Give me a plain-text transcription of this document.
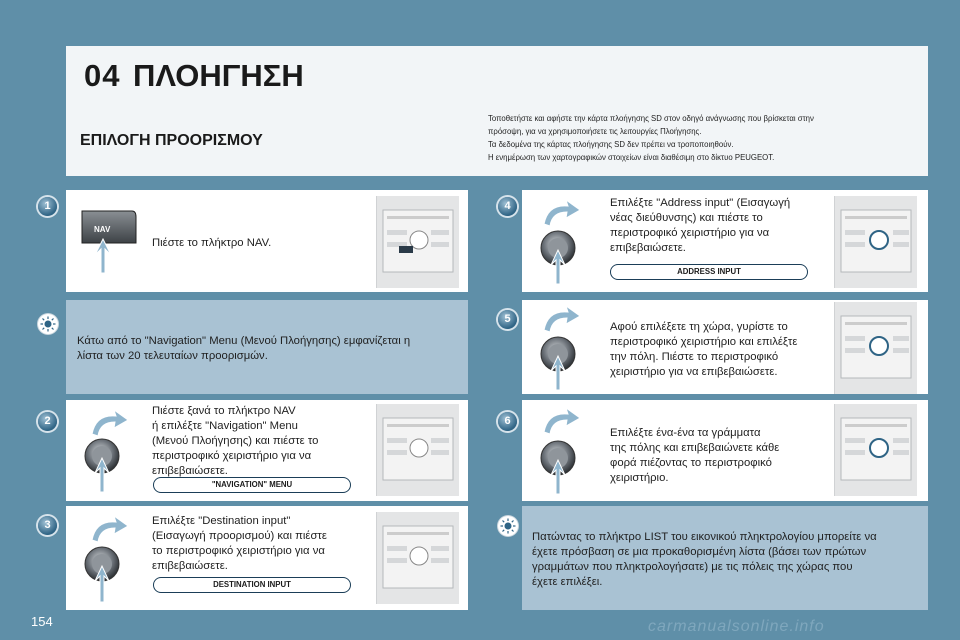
04 ΠΛΟΗΓΗΣΗ
ΕΠΙΛΟΓΗ ΠΡΟΟΡΙΣΜΟΥ
Τοποθετήστε και αφήστε την κάρτα πλοήγησης SD στον οδηγό ανάγνωσης που βρίσκεται στην
πρόσοψη, για να χρησιμοποιήσετε τις λειτουργίες Πλοήγησης.
Τα δεδομένα της κάρτας πλοήγησης SD δεν πρέπει να τροποποιηθούν.
Η ενημέρωση των χαρτογραφικών στοιχείων είναι διαθέσιμη στο δίκτυο PEUGEOT.
1
NAV
Πιέστε το πλήκτρο NAV.
Κάτω από το "Navigation" Menu (Μενού Πλοήγησης) εμφανίζεται η
λίστα των 20 τελευταίων προορισμών.
2
Πιέστε ξανά το πλήκτρο NAV
ή επιλέξτε "Navigation" Menu
(Μενού Πλοήγησης) και πιέστε το
περιστροφικό χειριστήριο για να
επιβεβαιώσετε.
"NAVIGATION" MENU
3	Επιλέξτε "Destination input"
(Εισαγωγή προορισμού) και πιέστε
το περιστροφικό χειριστήριο για να
επιβεβαιώσετε.
DESTINATION INPUT
4	Επιλέξτε "Address input" (Εισαγωγή
νέας διεύθυνσης) και πιέστε το
περιστροφικό χειριστήριο για να
επιβεβαιώσετε.
ADDRESS INPUT
5
Αφού επιλέξετε τη χώρα, γυρίστε το
περιστροφικό χειριστήριο και επιλέξτε
την πόλη. Πιέστε το περιστροφικό
χειριστήριο για να επιβεβαιώσετε.
6
Επιλέξτε ένα-ένα τα γράμματα
της πόλης και επιβεβαιώνετε κάθε
φορά πιέζοντας το περιστροφικό
χειριστήριο.
Πατώντας το πλήκτρο LIST του εικονικού πληκτρολογίου μπορείτε να
έχετε πρόσβαση σε μια προκαθορισμένη λίστα (βάσει των πρώτων
γραμμάτων που πληκτρολογήσατε) με τις πόλεις της χώρας που
έχετε επιλέξει.
154	carmanualsonline.info
